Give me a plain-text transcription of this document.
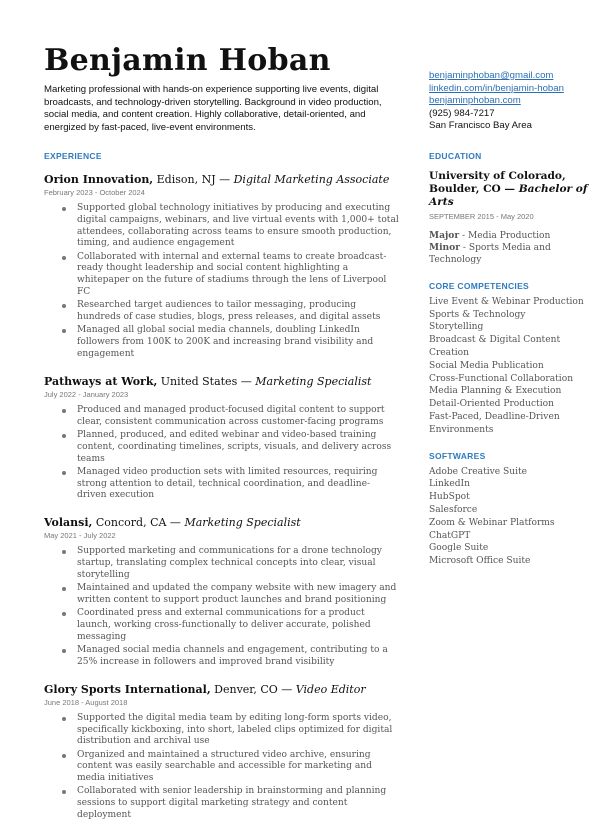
Benjamin Hoban

Marketing professional with hands-on experience supporting live events, digital broadcasts, and technology-driven storytelling. Background in video production, social media, and content creation. Highly collaborative, detail-oriented, and energized by fast-paced, live-event environments.

benjaminphoban@gmail.com
linkedin.com/in/benjamin-hoban
benjaminphoban.com
(925) 984-7217
San Francisco Bay Area
EXPERIENCE
Orion Innovation, Edison, NJ — Digital Marketing Associate
February 2023 - October 2024
Supported global technology initiatives by producing and executing digital campaigns, webinars, and live virtual events with 1,000+ total attendees, collaborating across teams to ensure smooth production, timing, and audience engagement
Collaborated with internal and external teams to create broadcast-ready thought leadership and social content highlighting a whitepaper on the future of stadiums through the lens of Liverpool FC
Researched target audiences to tailor messaging, producing hundreds of case studies, blogs, press releases, and digital assets
Managed all global social media channels, doubling LinkedIn followers from 100K to 200K and increasing brand visibility and engagement
Pathways at Work, United States — Marketing Specialist
July 2022 - January 2023
Produced and managed product-focused digital content to support clear, consistent communication across customer-facing programs
Planned, produced, and edited webinar and video-based training content, coordinating timelines, scripts, visuals, and delivery across teams
Managed video production sets with limited resources, requiring strong attention to detail, technical coordination, and deadline-driven execution
Volansi, Concord, CA — Marketing Specialist
May 2021 - July 2022
Supported marketing and communications for a drone technology startup, translating complex technical concepts into clear, visual storytelling
Maintained and updated the company website with new imagery and written content to support product launches and brand positioning
Coordinated press and external communications for a product launch, working cross-functionally to deliver accurate, polished messaging
Managed social media channels and engagement, contributing to a 25% increase in followers and improved brand visibility
Glory Sports International, Denver, CO — Video Editor
June 2018 - August 2018
Supported the digital media team by editing long-form sports video, specifically kickboxing, into short, labeled clips optimized for digital distribution and archival use
Organized and maintained a structured video archive, ensuring content was easily searchable and accessible for marketing and media initiatives
Collaborated with senior leadership in brainstorming and planning sessions to support digital marketing strategy and content deployment
EDUCATION
University of Colorado, Boulder, CO — Bachelor of Arts
SEPTEMBER 2015 - May 2020
Major - Media Production
Minor - Sports Media and Technology
CORE COMPETENCIES
Live Event & Webinar Production
Sports & Technology
Storytelling
Broadcast & Digital Content
Creation
Social Media Publication
Cross-Functional Collaboration
Media Planning & Execution
Detail-Oriented Production
Fast-Paced, Deadline-Driven
Environments
SOFTWARES
Adobe Creative Suite
LinkedIn
HubSpot
Salesforce
Zoom & Webinar Platforms
ChatGPT
Google Suite
Microsoft Office Suite
